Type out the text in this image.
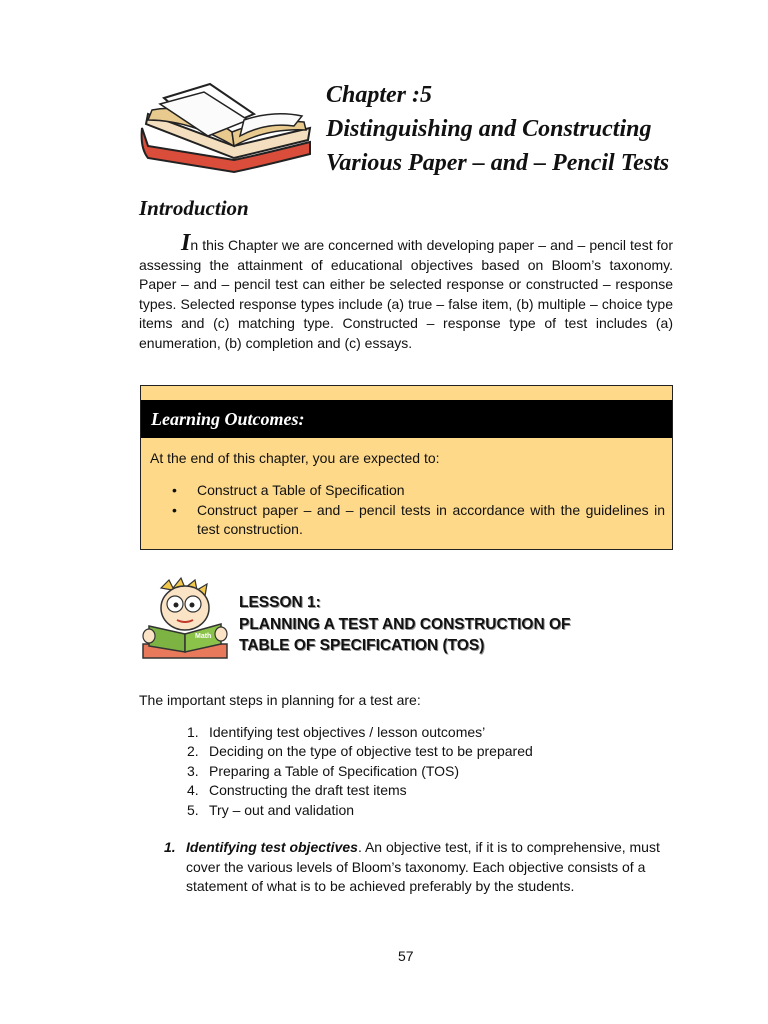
Chapter :5
Distinguishing and Constructing
Various Paper – and – Pencil Tests
Introduction
In this Chapter we are concerned with developing paper – and – pencil test for assessing the attainment of educational objectives based on Bloom’s taxonomy. Paper – and – pencil test can either be selected response or constructed – response types. Selected response types include (a) true – false item, (b) multiple – choice type items and (c) matching type. Constructed – response type of test includes (a) enumeration, (b) completion and (c) essays.
Learning Outcomes:
At the end of this chapter, you are expected to:
• Construct a Table of Specification
• Construct paper – and – pencil tests in accordance with the guidelines in test construction.
Math
LESSON 1:
PLANNING A TEST AND CONSTRUCTION OF
TABLE OF SPECIFICATION (TOS)
The important steps in planning for a test are:
1. Identifying test objectives / lesson outcomes’
2. Deciding on the type of objective test to be prepared
3. Preparing a Table of Specification (TOS)
4. Constructing the draft test items
5. Try – out and validation
1. Identifying test objectives. An objective test, if it is to comprehensive, must cover the various levels of Bloom’s taxonomy. Each objective consists of a statement of what is to be achieved preferably by the students.
57
